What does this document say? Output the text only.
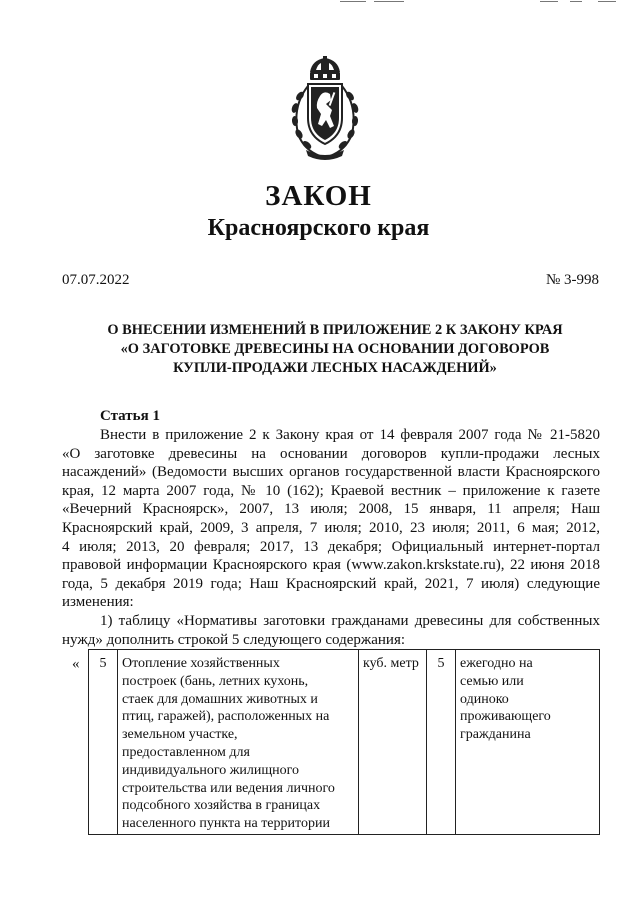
ЗАКОН
Красноярского края
07.07.2022	№ 3-998
О ВНЕСЕНИИ ИЗМЕНЕНИЙ В ПРИЛОЖЕНИЕ 2 К ЗАКОНУ КРАЯ
«О ЗАГОТОВКЕ ДРЕВЕСИНЫ НА ОСНОВАНИИ ДОГОВОРОВ
КУПЛИ-ПРОДАЖИ ЛЕСНЫХ НАСАЖДЕНИЙ»
Статья 1
Внести в приложение 2 к Закону края от 14 февраля 2007 года № 21-5820
«О заготовке древесины на основании договоров купли-продажи лесных
насаждений» (Ведомости высших органов государственной власти Красноярского
края, 12 марта 2007 года, № 10 (162); Краевой вестник – приложение к газете
«Вечерний Красноярск», 2007, 13 июля; 2008, 15 января, 11 апреля; Наш
Красноярский край, 2009, 3 апреля, 7 июля; 2010, 23 июля; 2011, 6 мая; 2012,
4 июля; 2013, 20 февраля; 2017, 13 декабря; Официальный интернет-портал
правовой информации Красноярского края (www.zakon.krskstate.ru), 22 июня 2018
года, 5 декабря 2019 года; Наш Красноярский край, 2021, 7 июля) следующие
изменения:
1) таблицу «Нормативы заготовки гражданами древесины для собственных
нужд» дополнить строкой 5 следующего содержания:
« 5	Отопление хозяйственных
построек (бань, летних кухонь,
стаек для домашних животных и
птиц, гаражей), расположенных на
земельном участке,
предоставленном для
индивидуального жилищного
строительства или ведения личного
подсобного хозяйства в границах
населенного пункта на территории
	куб. метр	5	ежегодно на
семью или
одиноко
проживающего
гражданина
